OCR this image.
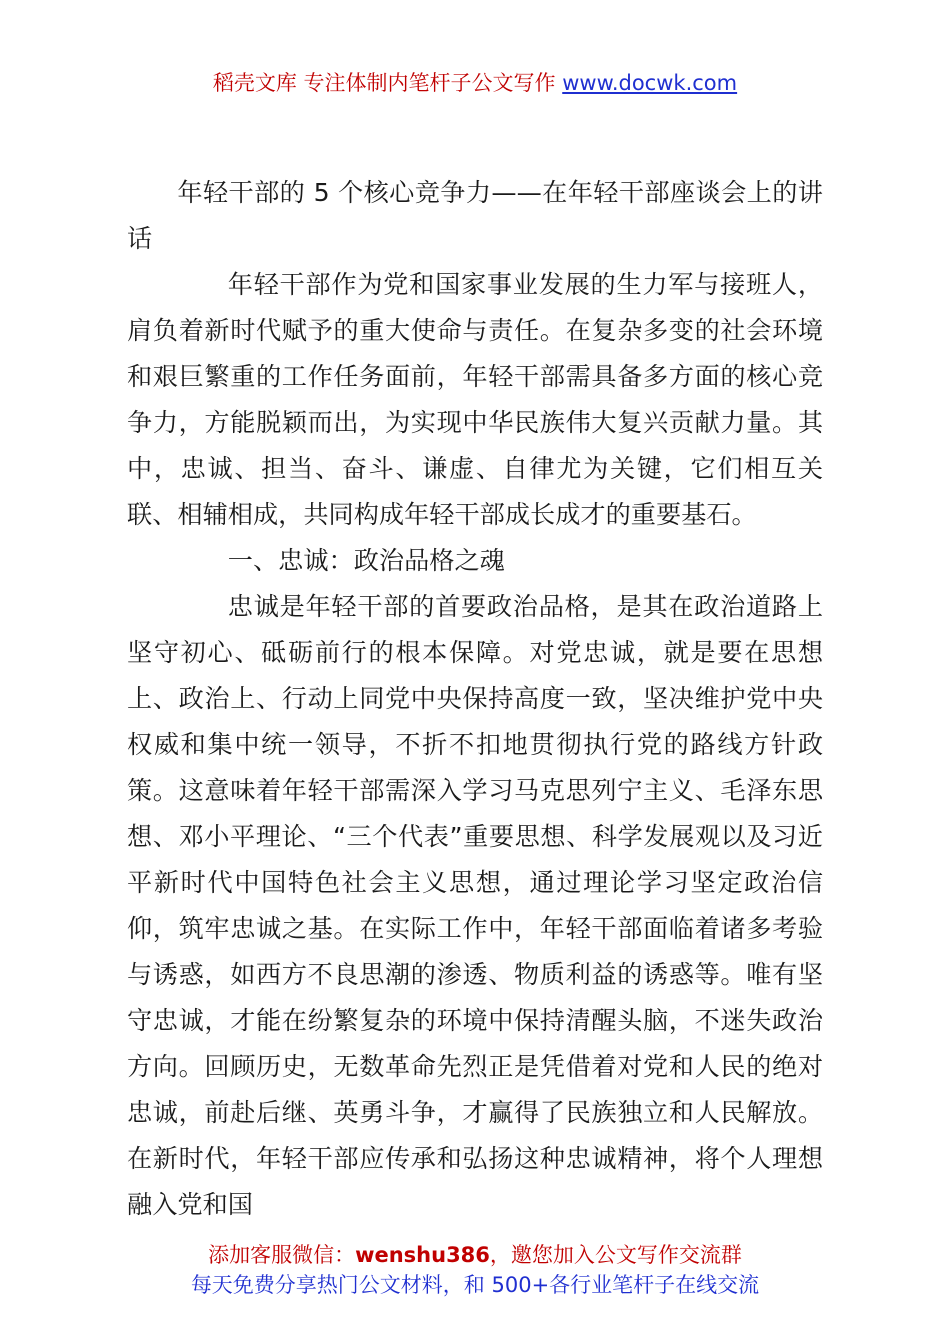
稻壳文库 专注体制内笔杆子公文写作 www.docwk.com

年轻干部的 5 个核心竞争力——在年轻干部座谈会上的讲话

年轻干部作为党和国家事业发展的生力军与接班人，肩负着新时代赋予的重大使命与责任。在复杂多变的社会环境和艰巨繁重的工作任务面前，年轻干部需具备多方面的核心竞争力，方能脱颖而出，为实现中华民族伟大复兴贡献力量。其中，忠诚、担当、奋斗、谦虚、自律尤为关键，它们相互关联、相辅相成，共同构成年轻干部成长成才的重要基石。

一、忠诚：政治品格之魂

忠诚是年轻干部的首要政治品格，是其在政治道路上坚守初心、砥砺前行的根本保障。对党忠诚，就是要在思想上、政治上、行动上同党中央保持高度一致，坚决维护党中央权威和集中统一领导，不折不扣地贯彻执行党的路线方针政策。这意味着年轻干部需深入学习马克思列宁主义、毛泽东思想、邓小平理论、“三个代表”重要思想、科学发展观以及习近平新时代中国特色社会主义思想，通过理论学习坚定政治信仰，筑牢忠诚之基。在实际工作中，年轻干部面临着诸多考验与诱惑，如西方不良思潮的渗透、物质利益的诱惑等。唯有坚守忠诚，才能在纷繁复杂的环境中保持清醒头脑，不迷失政治方向。回顾历史，无数革命先烈正是凭借着对党和人民的绝对忠诚，前赴后继、英勇斗争，才赢得了民族独立和人民解放。在新时代，年轻干部应传承和弘扬这种忠诚精神，将个人理想融入党和国

添加客服微信：wenshu386，邀您加入公文写作交流群
每天免费分享热门公文材料，和 500+各行业笔杆子在线交流
